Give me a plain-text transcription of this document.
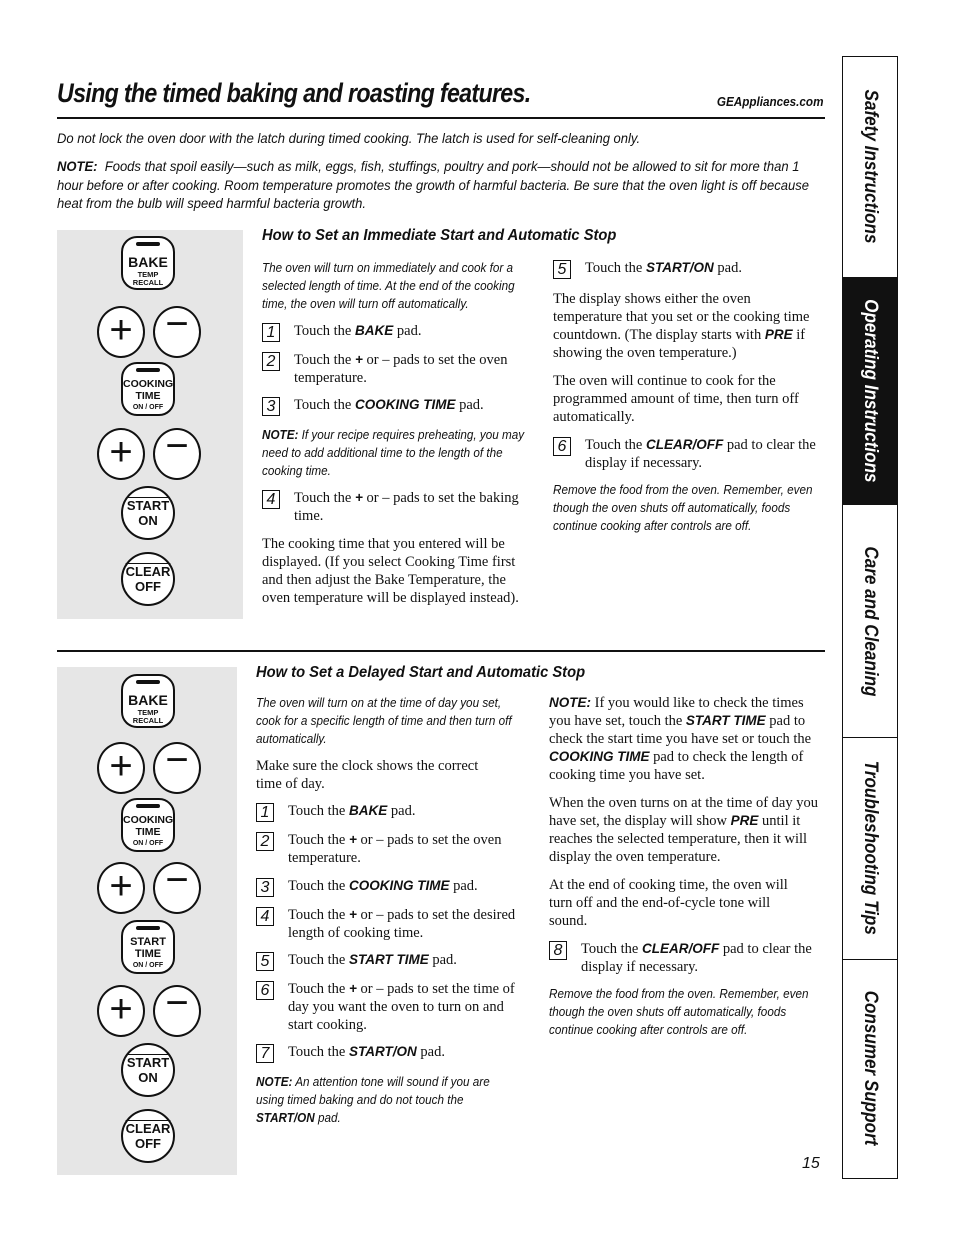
Using the timed baking and roasting features.	GEAppliances.com
Do not lock the oven door with the latch during timed cooking. The latch is used for self-cleaning only.
NOTE: Foods that spoil easily—such as milk, eggs, fish, stuffings, poultry and pork—should not be allowed to sit for more than 1 hour before or after cooking. Room temperature promotes the growth of harmful bacteria. Be sure that the oven light is off because heat from the bulb will speed harmful bacteria growth.
BAKE
TEMP
RECALL
+ −
COOKING
TIME
ON / OFF
+ −
START
ON
CLEAR
OFF
How to Set an Immediate Start and Automatic Stop
The oven will turn on immediately and cook for a selected length of time. At the end of the cooking time, the oven will turn off automatically.
1	Touch the BAKE pad.
2	Touch the + or – pads to set the oven temperature.
3	Touch the COOKING TIME pad.
NOTE: If your recipe requires preheating, you may need to add additional time to the length of the cooking time.
4	Touch the + or – pads to set the baking time.
The cooking time that you entered will be displayed. (If you select Cooking Time first and then adjust the Bake Temperature, the oven temperature will be displayed instead).
5	Touch the START/ON pad.
The display shows either the oven temperature that you set or the cooking time countdown. (The display starts with PRE if showing the oven temperature.)
The oven will continue to cook for the programmed amount of time, then turn off automatically.
6	Touch the CLEAR/OFF pad to clear the display if necessary.
Remove the food from the oven. Remember, even though the oven shuts off automatically, foods continue cooking after controls are off.
BAKE
TEMP
RECALL
+ −
COOKING
TIME
ON / OFF
+ −
START
TIME
ON / OFF
+ −
START
ON
CLEAR
OFF
How to Set a Delayed Start and Automatic Stop
The oven will turn on at the time of day you set, cook for a specific length of time and then turn off automatically.
Make sure the clock shows the correct time of day.
1	Touch the BAKE pad.
2	Touch the + or – pads to set the oven temperature.
3	Touch the COOKING TIME pad.
4	Touch the + or – pads to set the desired length of cooking time.
5	Touch the START TIME pad.
6	Touch the + or – pads to set the time of day you want the oven to turn on and start cooking.
7	Touch the START/ON pad.
NOTE: An attention tone will sound if you are using timed baking and do not touch the START/ON pad.
NOTE: If you would like to check the times you have set, touch the START TIME pad to check the start time you have set or touch the COOKING TIME pad to check the length of cooking time you have set.
When the oven turns on at the time of day you have set, the display will show PRE until it reaches the selected temperature, then it will display the oven temperature.
At the end of cooking time, the oven will turn off and the end-of-cycle tone will sound.
8	Touch the CLEAR/OFF pad to clear the display if necessary.
Remove the food from the oven. Remember, even though the oven shuts off automatically, foods continue cooking after controls are off.
15
Safety Instructions
Operating Instructions
Care and Cleaning
Troubleshooting Tips
Consumer Support
